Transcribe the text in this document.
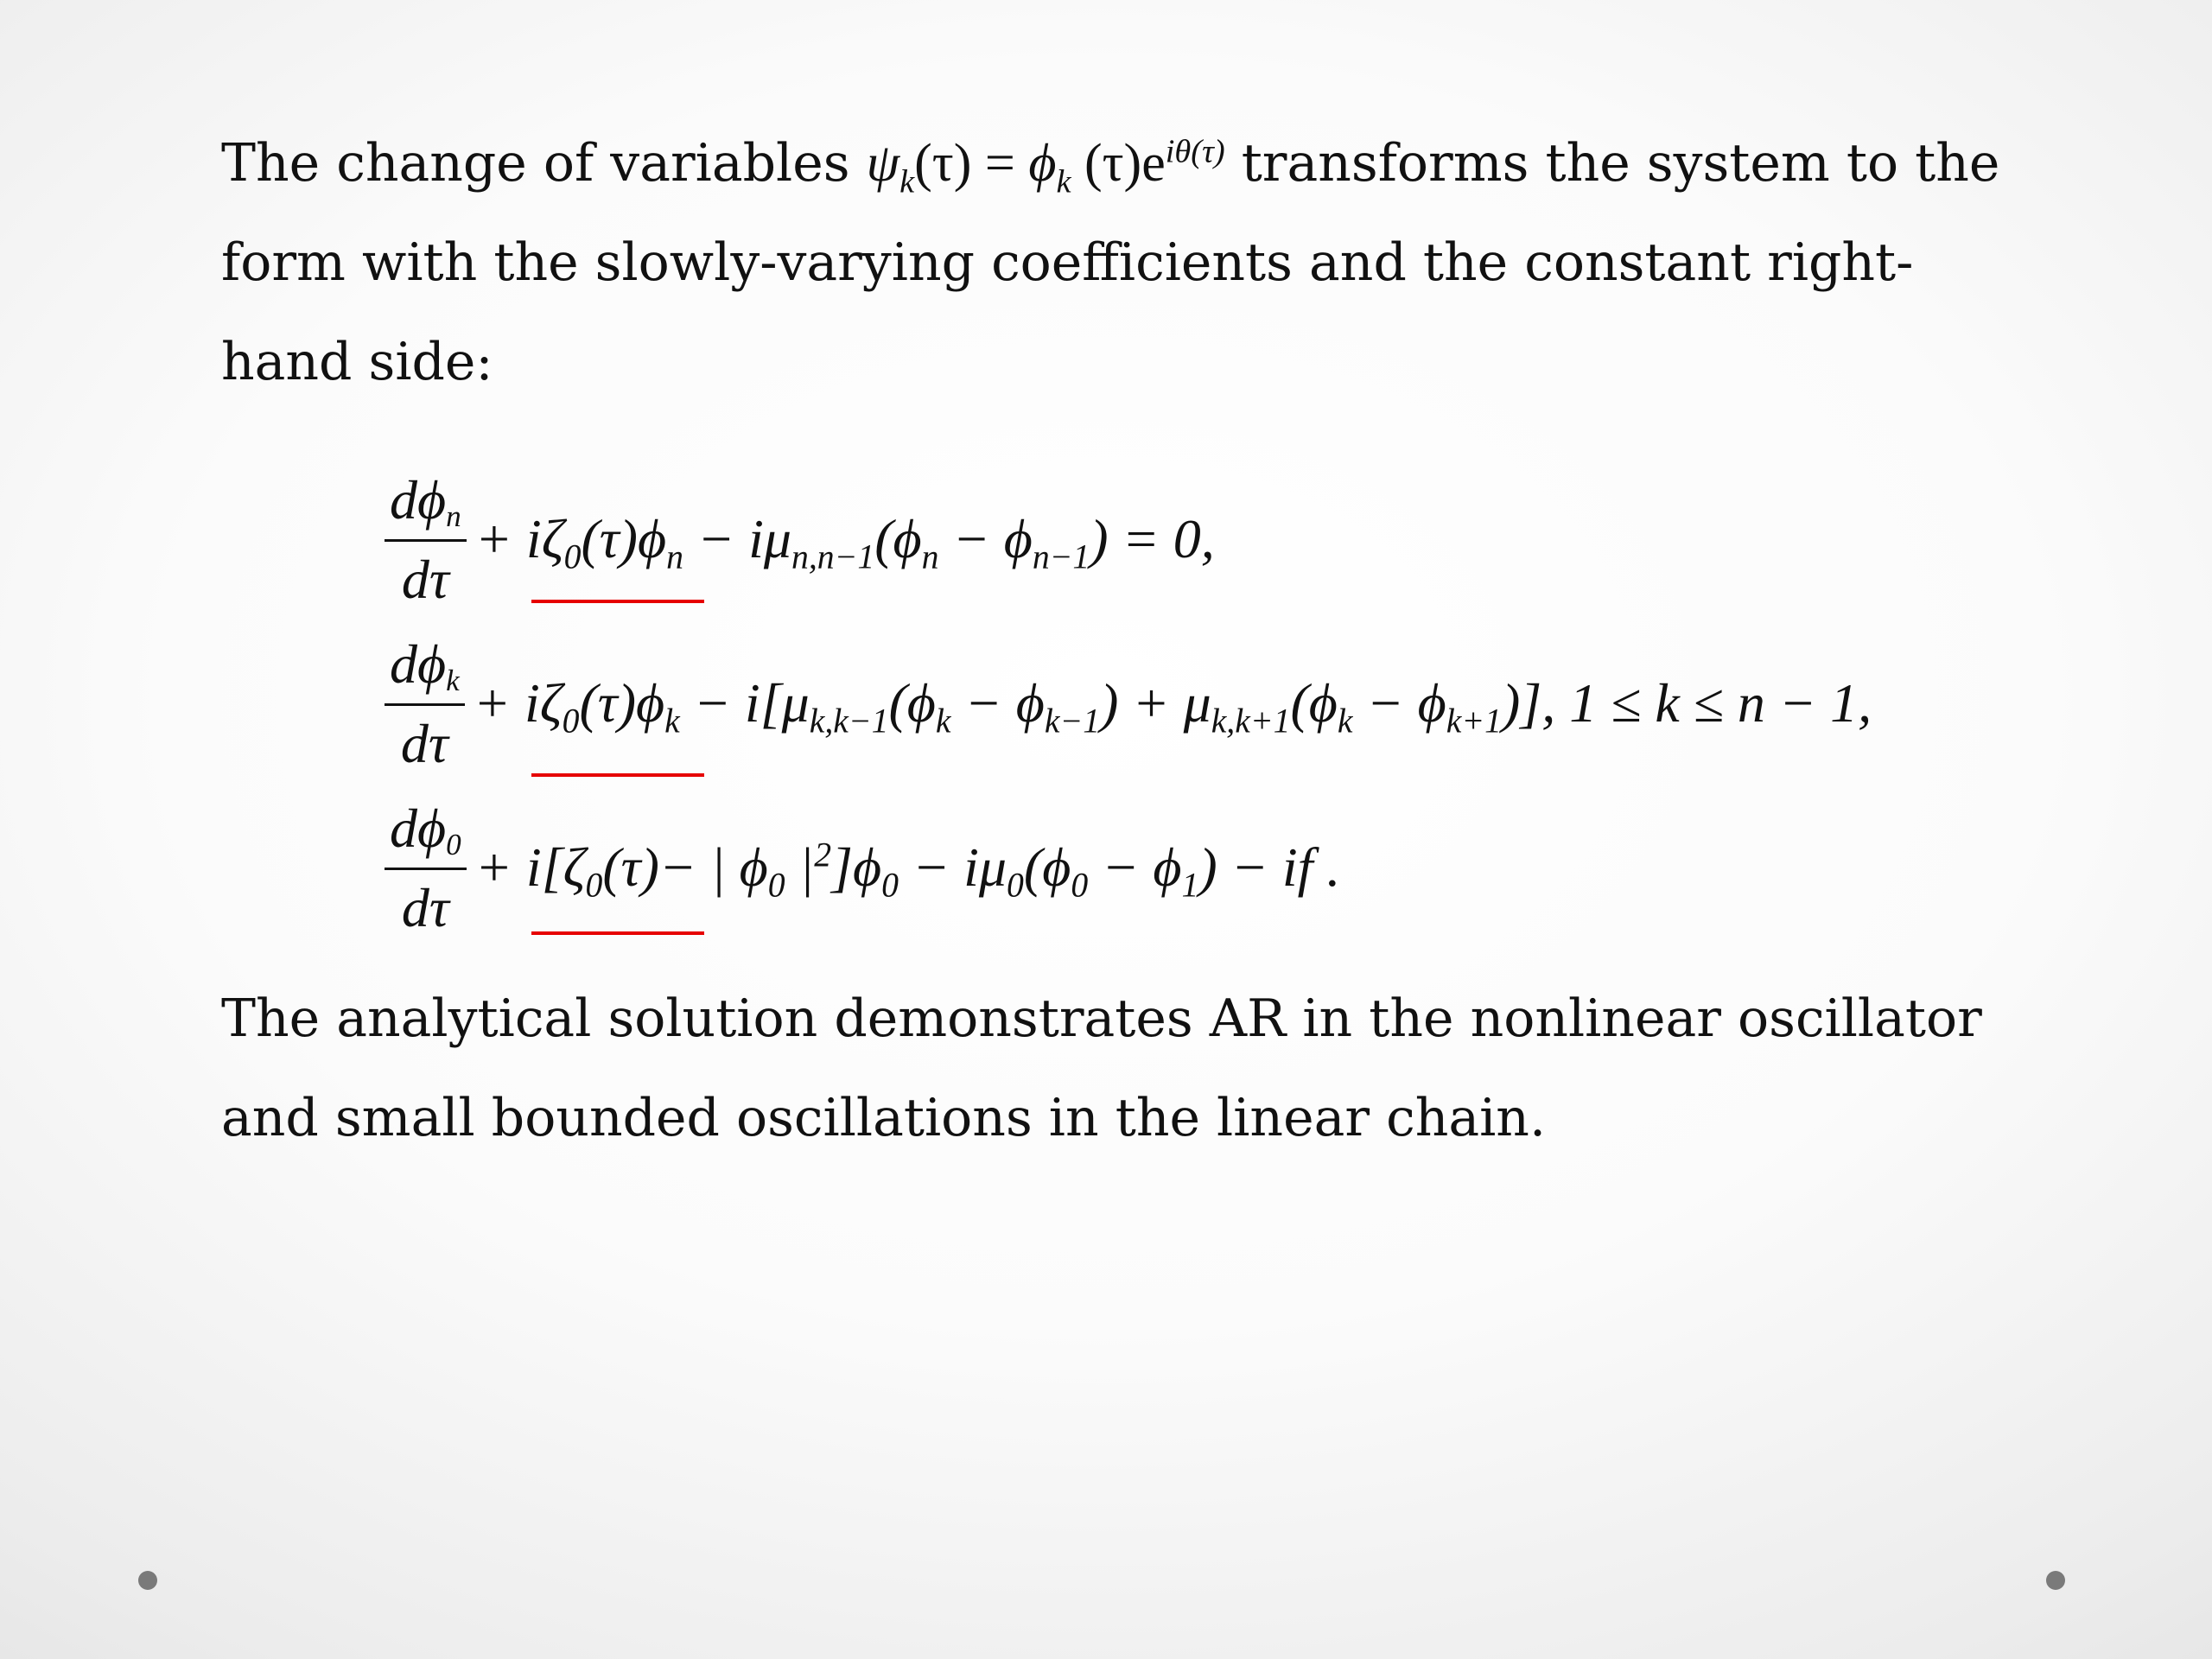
The change of variables $\psi_k(\tau) = \phi_k$ $(\tau)e^{i\theta(\tau)}$ transforms the system to the form with the slowly-varying coefficients and the constant right-hand side:

$\frac{d\phi_n}{d\tau} + i\zeta_0(\tau)\phi_n - i\mu_{n,n-1}(\phi_n - \phi_{n-1}) = 0$,
$\frac{d\phi_k}{d\tau} + i\zeta_0(\tau)\phi_k - i[\mu_{k,k-1}(\phi_k - \phi_{k-1}) + \mu_{k,k+1}(\phi_k - \phi_{k+1})]$, 1 ≤ k ≤ n − 1,
$\frac{d\phi_0}{d\tau} + i[\zeta_0(\tau)-$ | $\phi_0$ $|^2]\phi_0 - i\mu_0(\phi_0 - \phi_1)$ − if .

The analytical solution demonstrates AR in the nonlinear oscillator and small bounded oscillations in the linear chain.
